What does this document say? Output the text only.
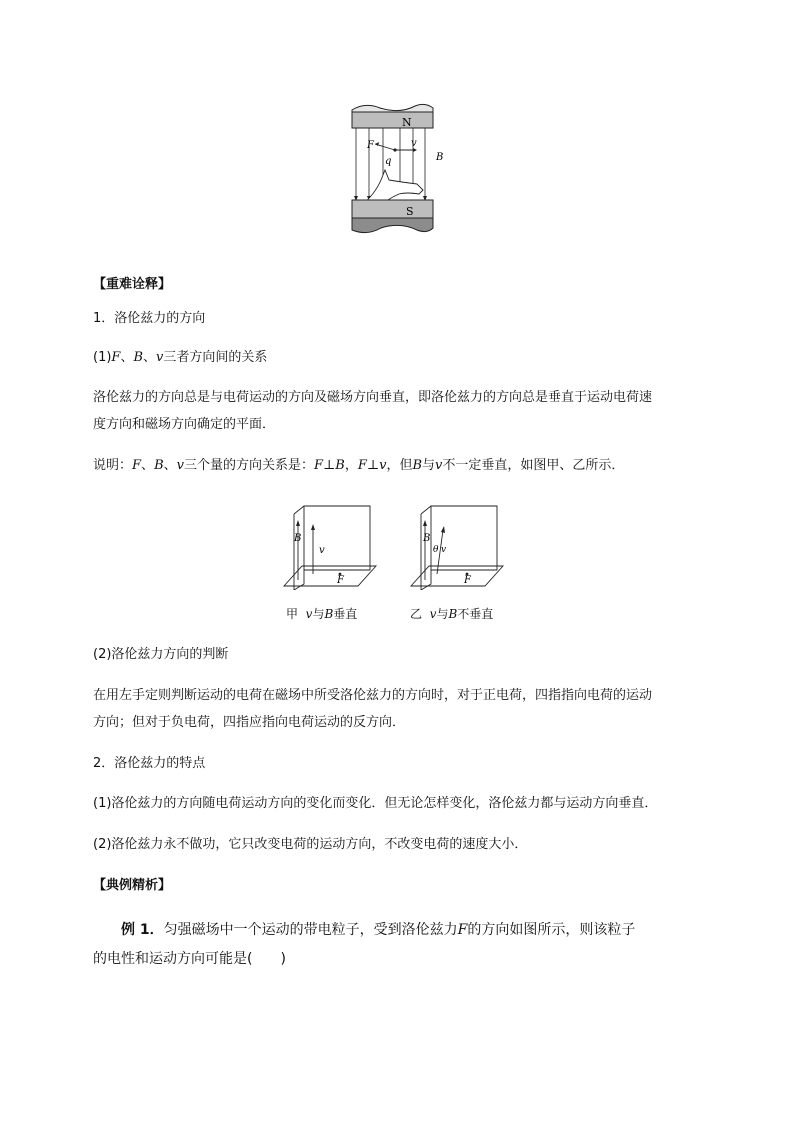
N
S
F
q
v
B
【重难诠释】
1．洛伦兹力的方向
(1)F、B、v三者方向间的关系
洛伦兹力的方向总是与电荷运动的方向及磁场方向垂直，即洛伦兹力的方向总是垂直于运动电荷速
度方向和磁场方向确定的平面．
说明：F、B、v三个量的方向关系是：F⊥B，F⊥v，但B与v不一定垂直，如图甲、乙所示．
B
v
F
甲 v与B垂直
B
θ v
F
乙 v与B不垂直
(2)洛伦兹力方向的判断
在用左手定则判断运动的电荷在磁场中所受洛伦兹力的方向时，对于正电荷，四指指向电荷的运动
方向；但对于负电荷，四指应指向电荷运动的反方向．
2．洛伦兹力的特点
(1)洛伦兹力的方向随电荷运动方向的变化而变化．但无论怎样变化，洛伦兹力都与运动方向垂直．
(2)洛伦兹力永不做功，它只改变电荷的运动方向，不改变电荷的速度大小．
【典例精析】
例 1．匀强磁场中一个运动的带电粒子，受到洛伦兹力F的方向如图所示，则该粒子
的电性和运动方向可能是(　　)
